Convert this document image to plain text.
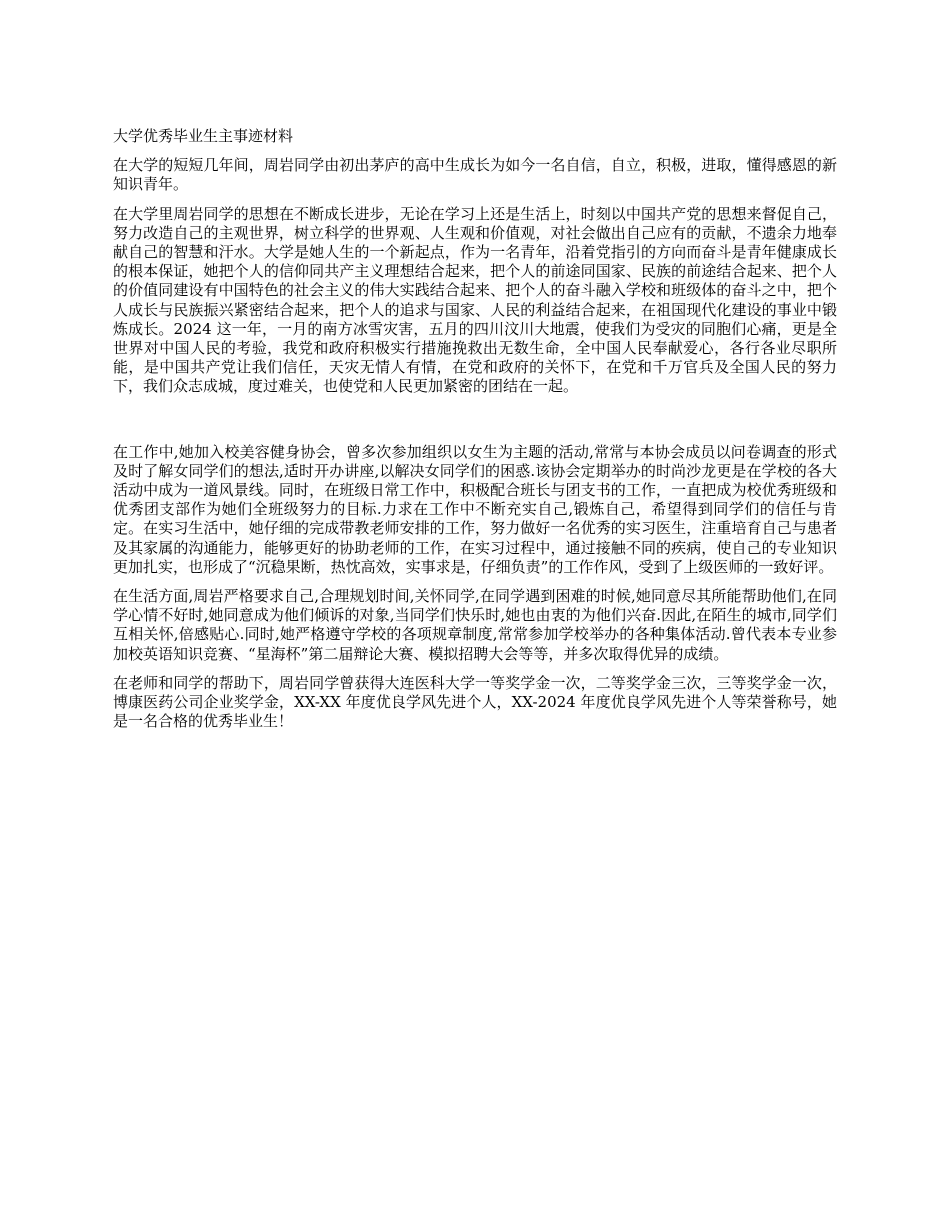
大学优秀毕业生主事迹材料

在大学的短短几年间，周岩同学由初出茅庐的高中生成长为如今一名自信，自立，积极，进取，懂得感恩的新知识青年。

在大学里周岩同学的思想在不断成长进步，无论在学习上还是生活上，时刻以中国共产党的思想来督促自己，努力改造自己的主观世界，树立科学的世界观、人生观和价值观，对社会做出自己应有的贡献，不遗余力地奉献自己的智慧和汗水。大学是她人生的一个新起点，作为一名青年，沿着党指引的方向而奋斗是青年健康成长的根本保证，她把个人的信仰同共产主义理想结合起来，把个人的前途同国家、民族的前途结合起来、把个人的价值同建设有中国特色的社会主义的伟大实践结合起来、把个人的奋斗融入学校和班级体的奋斗之中，把个人成长与民族振兴紧密结合起来，把个人的追求与国家、人民的利益结合起来，在祖国现代化建设的事业中锻炼成长。2024 这一年，一月的南方冰雪灾害，五月的四川汶川大地震，使我们为受灾的同胞们心痛，更是全世界对中国人民的考验，我党和政府积极实行措施挽救出无数生命，全中国人民奉献爱心，各行各业尽职所能，是中国共产党让我们信任，天灾无情人有情，在党和政府的关怀下，在党和千万官兵及全国人民的努力下，我们众志成城，度过难关，也使党和人民更加紧密的团结在一起。

在工作中,她加入校美容健身协会，曾多次参加组织以女生为主题的活动,常常与本协会成员以问卷调查的形式及时了解女同学们的想法,适时开办讲座,以解决女同学们的困惑.该协会定期举办的时尚沙龙更是在学校的各大活动中成为一道风景线。同时，在班级日常工作中，积极配合班长与团支书的工作，一直把成为校优秀班级和优秀团支部作为她们全班级努力的目标.力求在工作中不断充实自己,锻炼自己，希望得到同学们的信任与肯定。在实习生活中，她仔细的完成带教老师安排的工作，努力做好一名优秀的实习医生，注重培育自己与患者及其家属的沟通能力，能够更好的协助老师的工作，在实习过程中，通过接触不同的疾病，使自己的专业知识更加扎实，也形成了“沉稳果断，热忱高效，实事求是，仔细负责”的工作作风，受到了上级医师的一致好评。

在生活方面,周岩严格要求自己,合理规划时间,关怀同学,在同学遇到困难的时候,她同意尽其所能帮助他们,在同学心情不好时,她同意成为他们倾诉的对象,当同学们快乐时,她也由衷的为他们兴奋.因此,在陌生的城市,同学们互相关怀,倍感贴心.同时,她严格遵守学校的各项规章制度,常常参加学校举办的各种集体活动.曾代表本专业参加校英语知识竞赛、“星海杯”第二届辩论大赛、模拟招聘大会等等，并多次取得优异的成绩。

在老师和同学的帮助下，周岩同学曾获得大连医科大学一等奖学金一次，二等奖学金三次，三等奖学金一次，博康医药公司企业奖学金，XX-XX 年度优良学风先进个人，XX-2024 年度优良学风先进个人等荣誉称号，她是一名合格的优秀毕业生！
